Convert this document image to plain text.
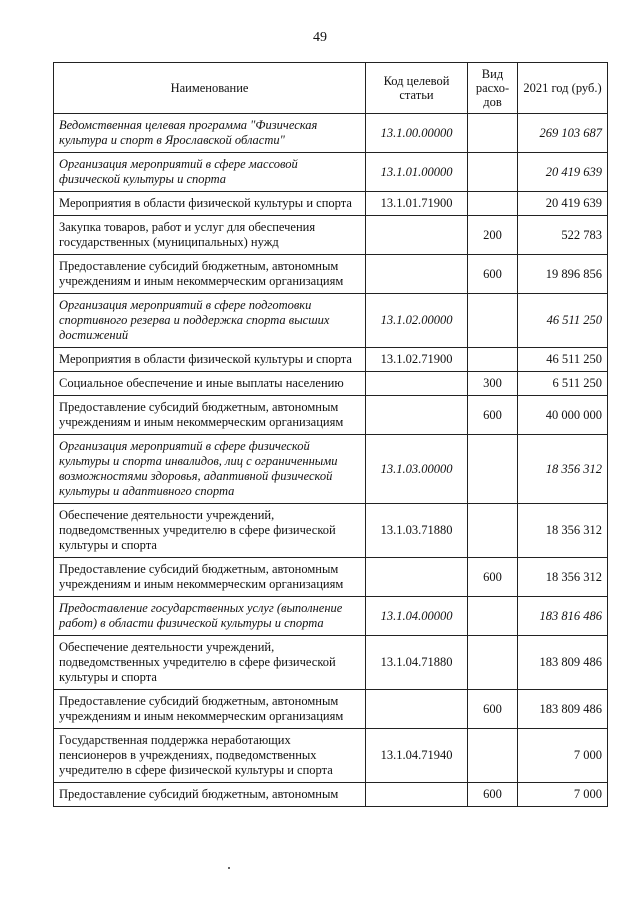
49
Наименование	Код целевой статьи	Вид расхо-дов	2021 год (руб.)
Ведомственная целевая программа "Физическая культура и спорт в Ярославской области"	13.1.00.00000		269 103 687
Организация мероприятий в сфере массовой физической культуры и спорта	13.1.01.00000		20 419 639
Мероприятия в области физической культуры и спорта	13.1.01.71900		20 419 639
Закупка товаров, работ и услуг для обеспечения государственных (муниципальных) нужд		200	522 783
Предоставление субсидий бюджетным, автономным учреждениям и иным некоммерческим организациям		600	19 896 856
Организация мероприятий в сфере подготовки спортивного резерва и поддержка спорта высших достижений	13.1.02.00000		46 511 250
Мероприятия в области физической культуры и спорта	13.1.02.71900		46 511 250
Социальное обеспечение и иные выплаты населению		300	6 511 250
Предоставление субсидий бюджетным, автономным учреждениям и иным некоммерческим организациям		600	40 000 000
Организация мероприятий в сфере физической культуры и спорта инвалидов, лиц с ограниченными возможностями здоровья, адаптивной физической культуры и адаптивного спорта	13.1.03.00000		18 356 312
Обеспечение деятельности учреждений, подведомственных учредителю в сфере физической культуры и спорта	13.1.03.71880		18 356 312
Предоставление субсидий бюджетным, автономным учреждениям и иным некоммерческим организациям		600	18 356 312
Предоставление государственных услуг (выполнение работ) в области физической культуры и спорта	13.1.04.00000		183 816 486
Обеспечение деятельности учреждений, подведомственных учредителю в сфере физической культуры и спорта	13.1.04.71880		183 809 486
Предоставление субсидий бюджетным, автономным учреждениям и иным некоммерческим организациям		600	183 809 486
Государственная поддержка неработающих пенсионеров в учреждениях, подведомственных учредителю в сфере физической культуры и спорта	13.1.04.71940		7 000
Предоставление субсидий бюджетным, автономным		600	7 000
